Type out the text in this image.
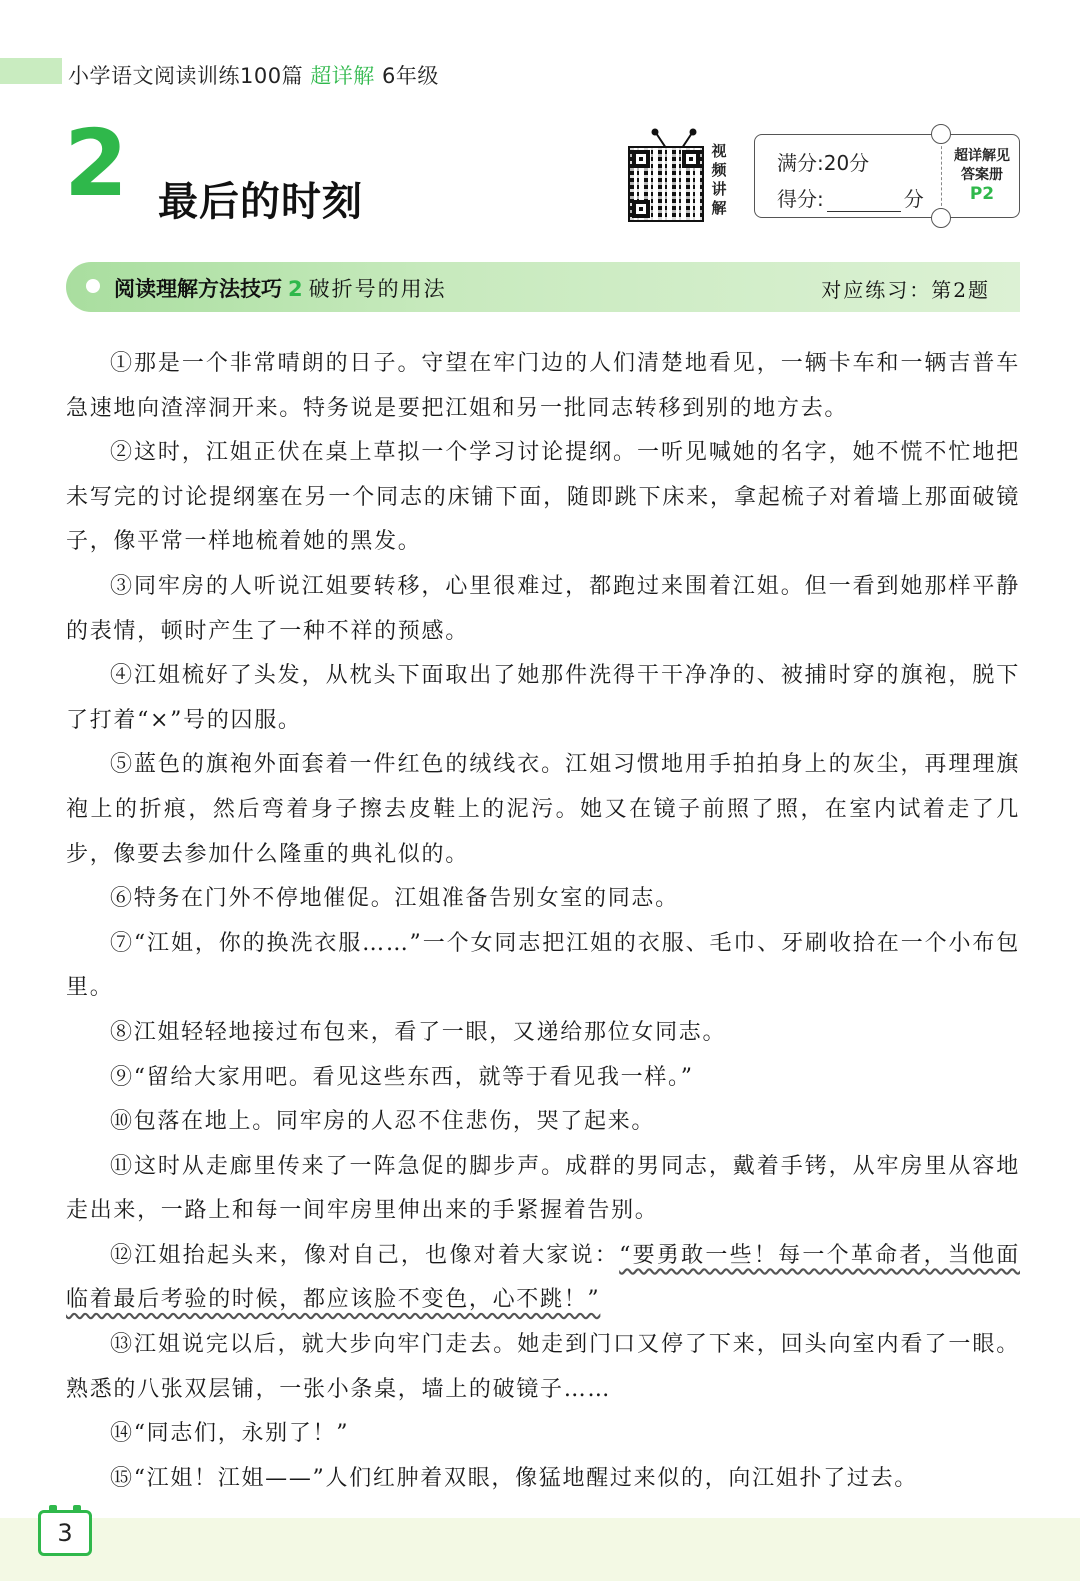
小学语文阅读训练100篇 超详解 6年级
2 最后的时刻
视频讲解
满分:20分
得分:	分
超详解见
答案册
P2
阅读理解方法技巧 2 破折号的用法	对应练习：第2题

①那是一个非常晴朗的日子。守望在牢门边的人们清楚地看见，一辆卡车和一辆吉普车急速地向渣滓洞开来。特务说是要把江姐和另一批同志转移到别的地方去。

②这时，江姐正伏在桌上草拟一个学习讨论提纲。一听见喊她的名字，她不慌不忙地把未写完的讨论提纲塞在另一个同志的床铺下面，随即跳下床来，拿起梳子对着墙上那面破镜子，像平常一样地梳着她的黑发。

③同牢房的人听说江姐要转移，心里很难过，都跑过来围着江姐。但一看到她那样平静的表情，顿时产生了一种不祥的预感。

④江姐梳好了头发，从枕头下面取出了她那件洗得干干净净的、被捕时穿的旗袍，脱下了打着“×”号的囚服。

⑤蓝色的旗袍外面套着一件红色的绒线衣。江姐习惯地用手拍拍身上的灰尘，再理理旗袍上的折痕，然后弯着身子擦去皮鞋上的泥污。她又在镜子前照了照，在室内试着走了几步，像要去参加什么隆重的典礼似的。

⑥特务在门外不停地催促。江姐准备告别女室的同志。

⑦“江姐，你的换洗衣服……”一个女同志把江姐的衣服、毛巾、牙刷收拾在一个小布包里。

⑧江姐轻轻地接过布包来，看了一眼，又递给那位女同志。

⑨“留给大家用吧。看见这些东西，就等于看见我一样。”

⑩包落在地上。同牢房的人忍不住悲伤，哭了起来。

⑪这时从走廊里传来了一阵急促的脚步声。成群的男同志，戴着手铐，从牢房里从容地走出来，一路上和每一间牢房里伸出来的手紧握着告别。

⑫江姐抬起头来，像对自己，也像对着大家说：“要勇敢一些！每一个革命者，当他面临着最后考验的时候，都应该脸不变色，心不跳！”

⑬江姐说完以后，就大步向牢门走去。她走到门口又停了下来，回头向室内看了一眼。熟悉的八张双层铺，一张小条桌，墙上的破镜子……

⑭“同志们，永别了！”

⑮“江姐！江姐——”人们红肿着双眼，像猛地醒过来似的，向江姐扑了过去。

3
